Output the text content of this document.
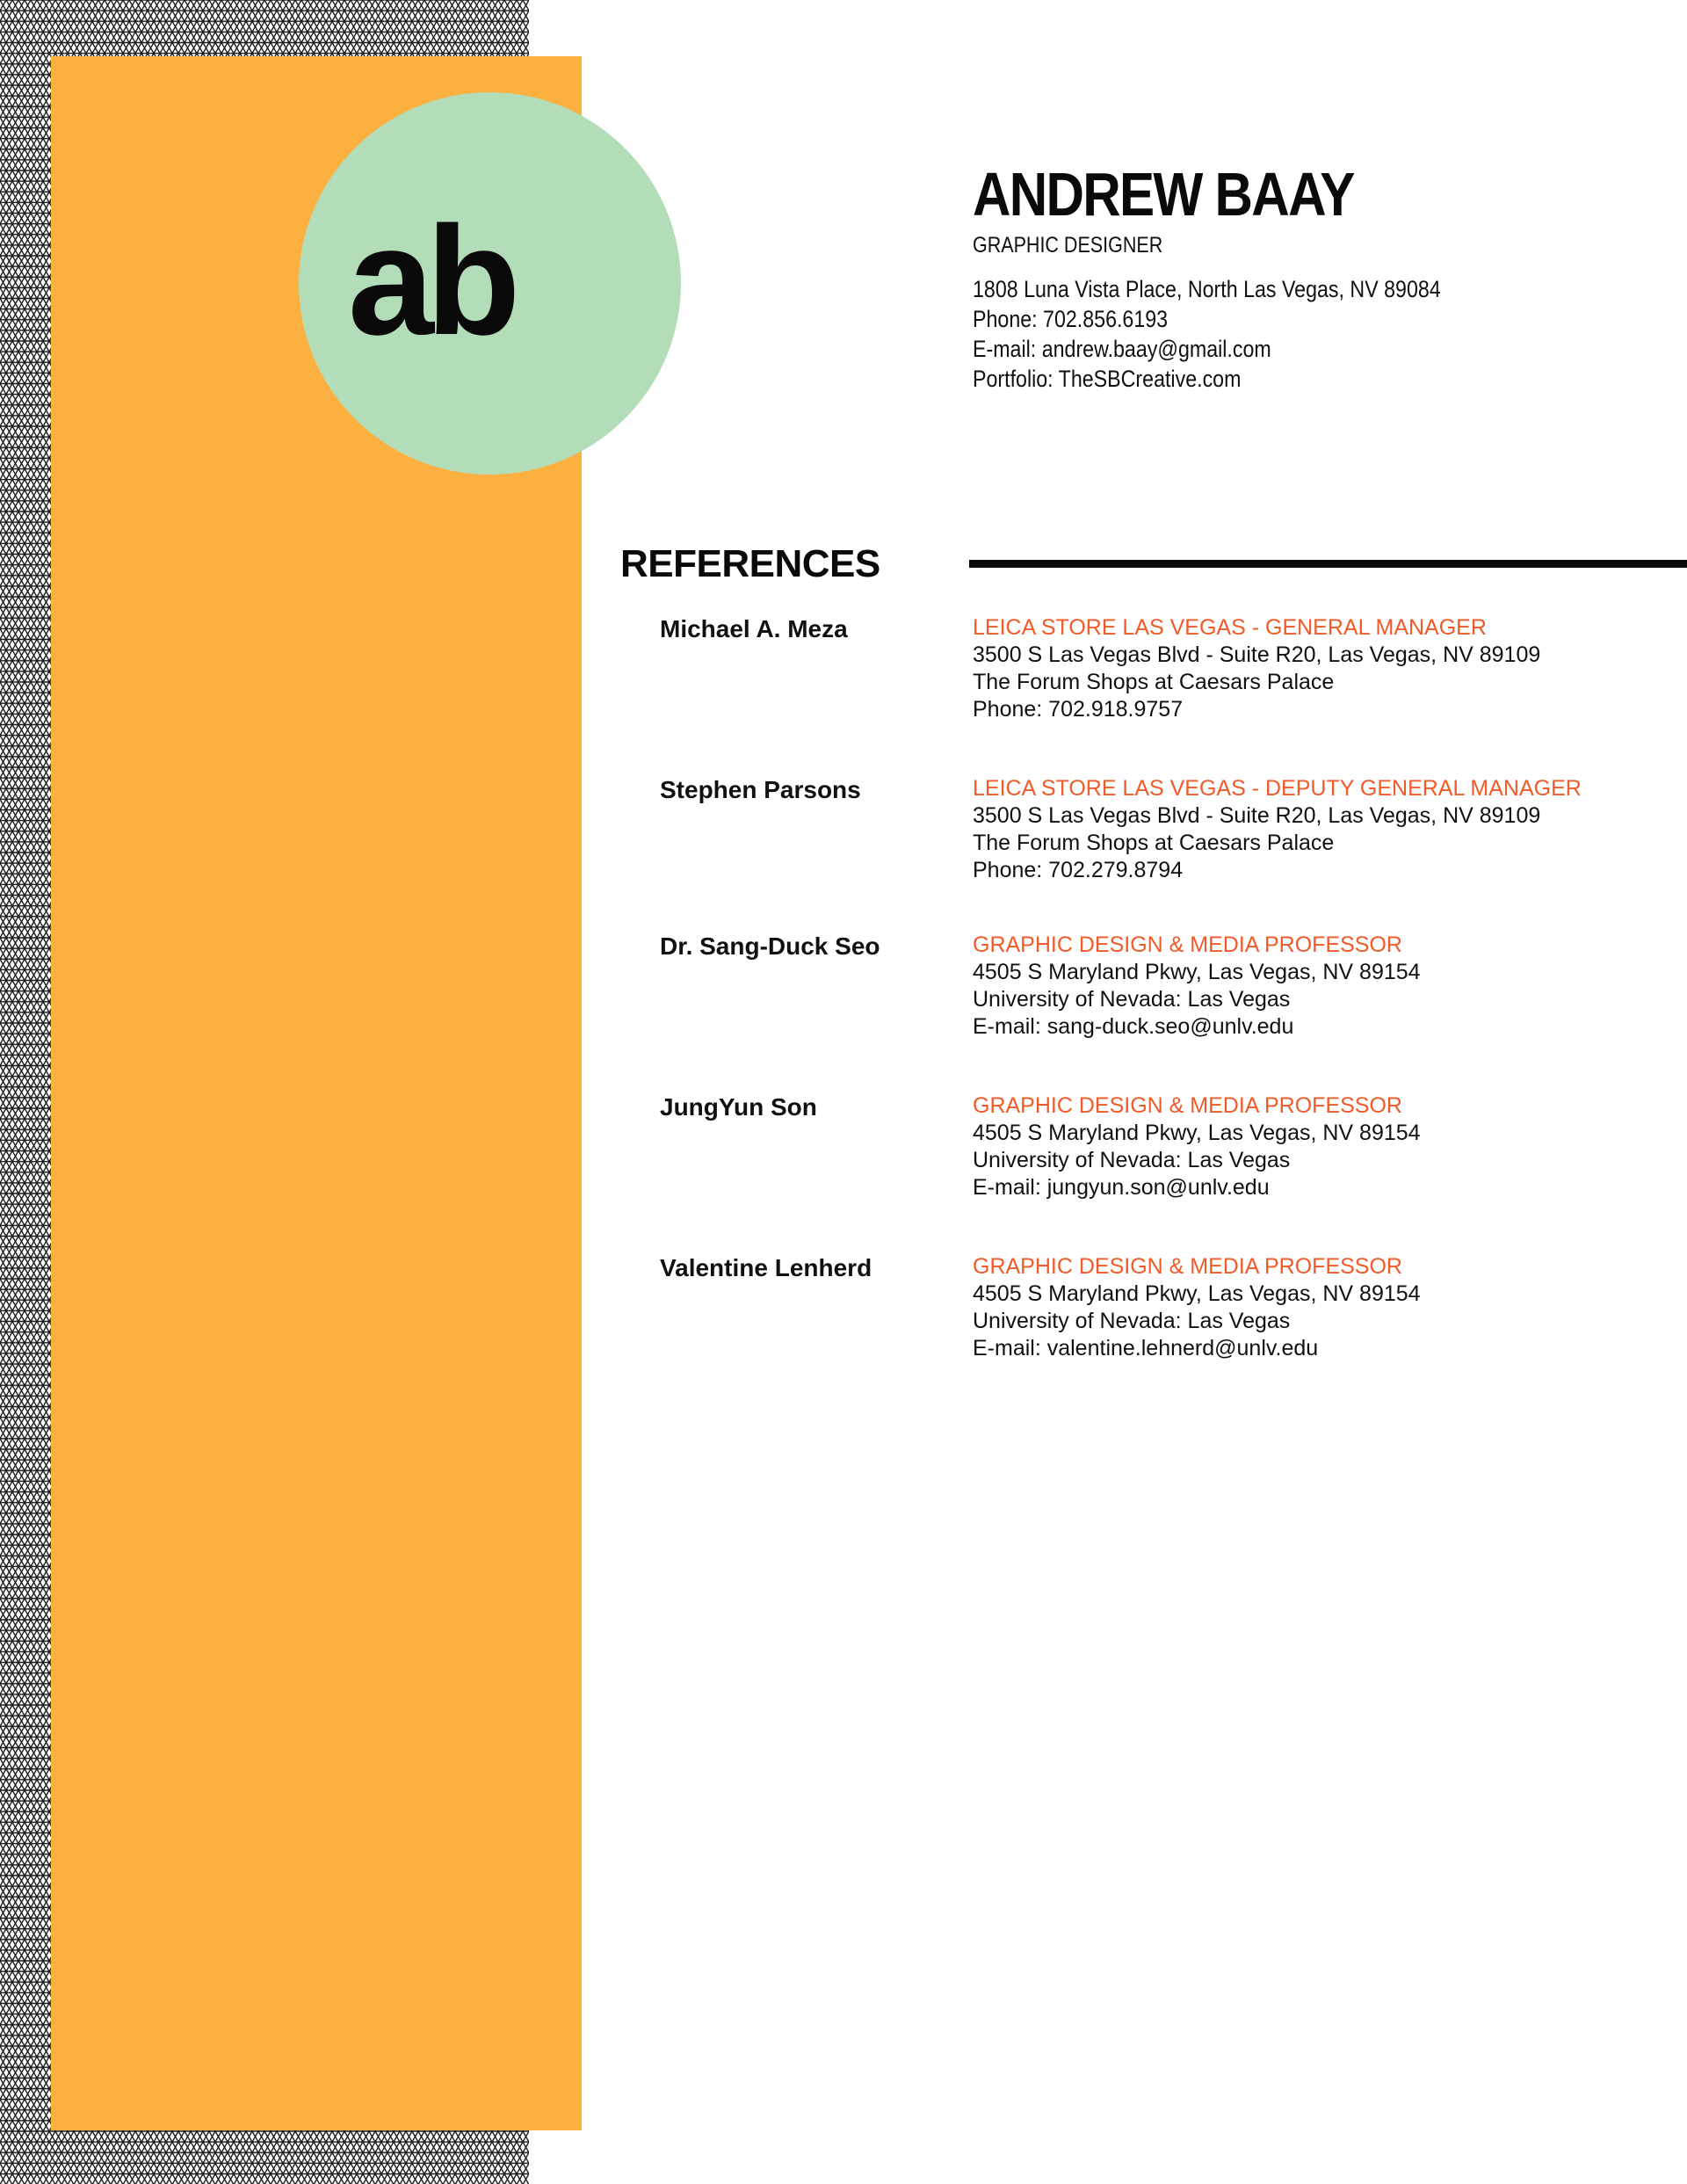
ab
ANDREW BAAY
GRAPHIC DESIGNER
1808 Luna Vista Place, North Las Vegas, NV 89084
Phone: 702.856.6193
E-mail: andrew.baay@gmail.com
Portfolio: TheSBCreative.com
REFERENCES
Michael A. Meza	LEICA STORE LAS VEGAS - GENERAL MANAGER
3500 S Las Vegas Blvd - Suite R20, Las Vegas, NV 89109
The Forum Shops at Caesars Palace
Phone: 702.918.9757
Stephen Parsons	LEICA STORE LAS VEGAS - DEPUTY GENERAL MANAGER
3500 S Las Vegas Blvd - Suite R20, Las Vegas, NV 89109
The Forum Shops at Caesars Palace
Phone: 702.279.8794
Dr. Sang-Duck Seo	GRAPHIC DESIGN & MEDIA PROFESSOR
4505 S Maryland Pkwy, Las Vegas, NV 89154
University of Nevada: Las Vegas
E-mail: sang-duck.seo@unlv.edu
JungYun Son	GRAPHIC DESIGN & MEDIA PROFESSOR
4505 S Maryland Pkwy, Las Vegas, NV 89154
University of Nevada: Las Vegas
E-mail: jungyun.son@unlv.edu
Valentine Lenherd	GRAPHIC DESIGN & MEDIA PROFESSOR
4505 S Maryland Pkwy, Las Vegas, NV 89154
University of Nevada: Las Vegas
E-mail: valentine.lehnerd@unlv.edu
